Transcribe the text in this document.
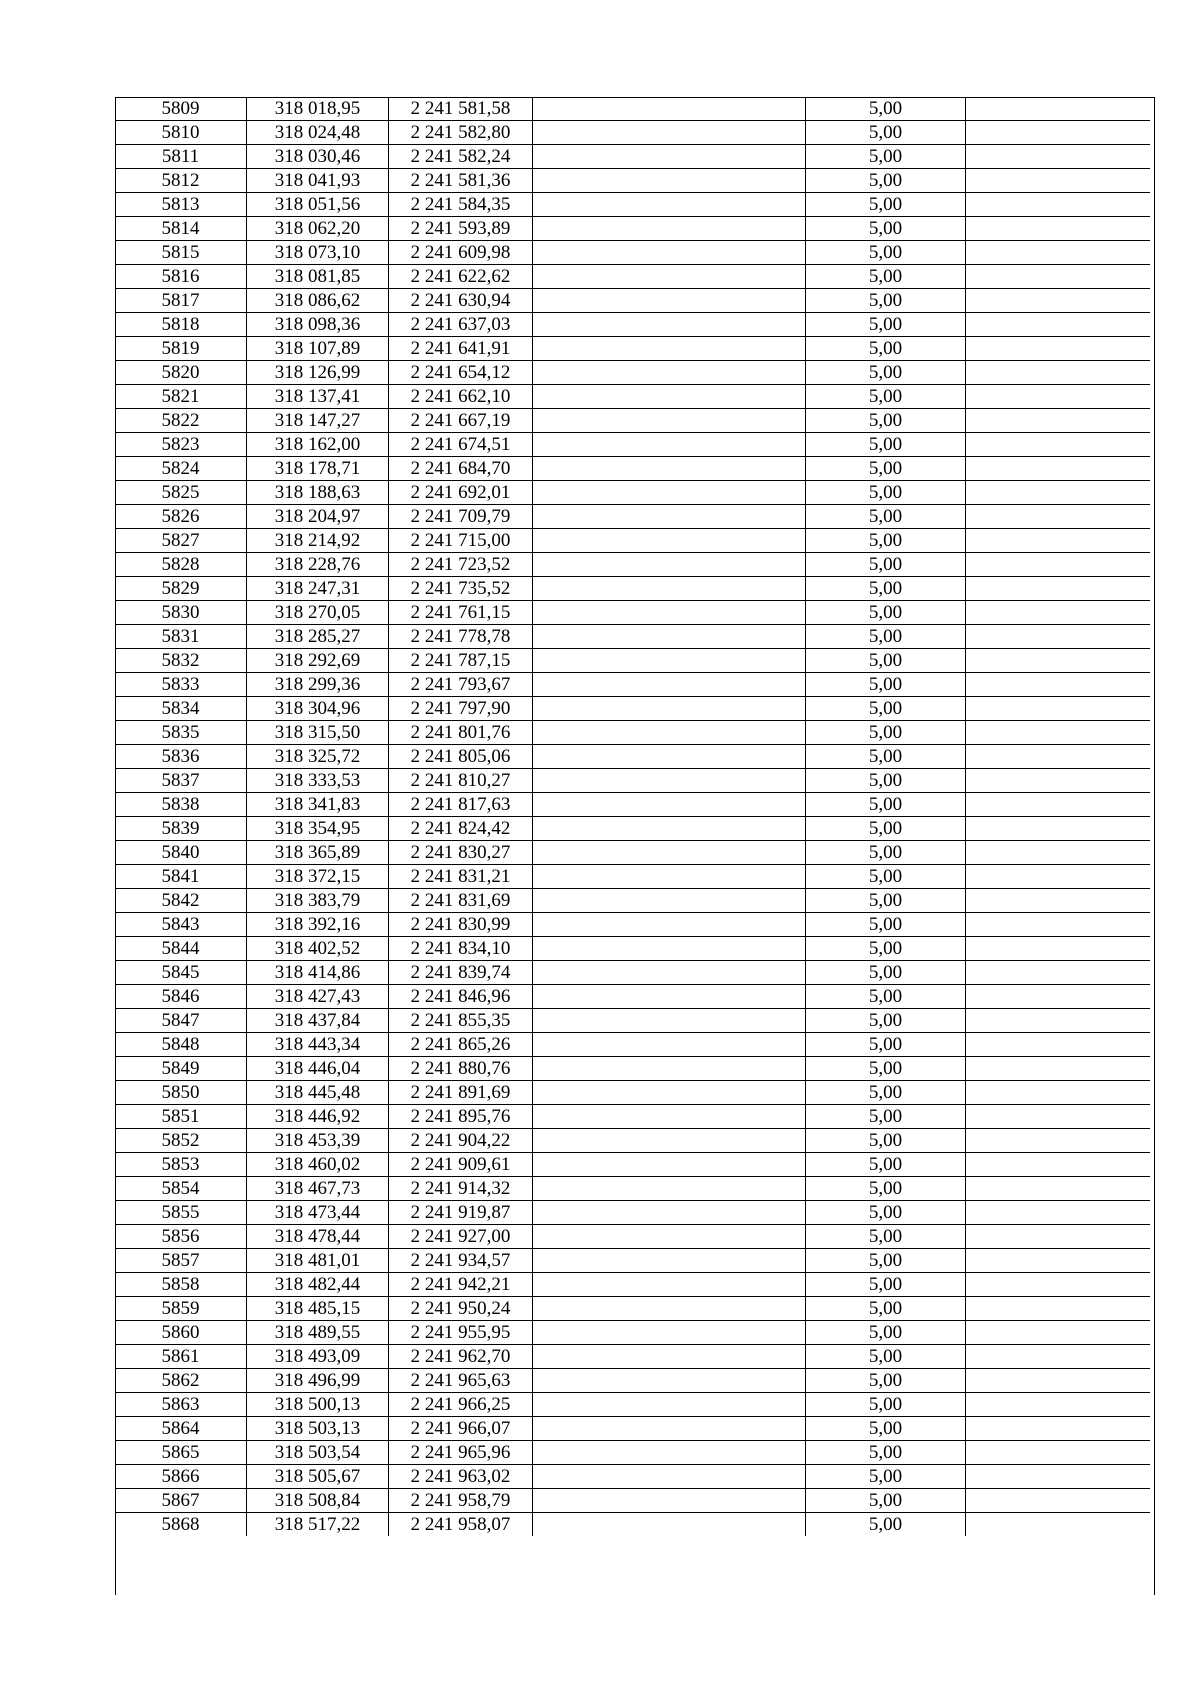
5809	318 018,95	2 241 581,58		5,00	
5810	318 024,48	2 241 582,80		5,00	
5811	318 030,46	2 241 582,24		5,00	
5812	318 041,93	2 241 581,36		5,00	
5813	318 051,56	2 241 584,35		5,00	
5814	318 062,20	2 241 593,89		5,00	
5815	318 073,10	2 241 609,98		5,00	
5816	318 081,85	2 241 622,62		5,00	
5817	318 086,62	2 241 630,94		5,00	
5818	318 098,36	2 241 637,03		5,00	
5819	318 107,89	2 241 641,91		5,00	
5820	318 126,99	2 241 654,12		5,00	
5821	318 137,41	2 241 662,10		5,00	
5822	318 147,27	2 241 667,19		5,00	
5823	318 162,00	2 241 674,51		5,00	
5824	318 178,71	2 241 684,70		5,00	
5825	318 188,63	2 241 692,01		5,00	
5826	318 204,97	2 241 709,79		5,00	
5827	318 214,92	2 241 715,00		5,00	
5828	318 228,76	2 241 723,52		5,00	
5829	318 247,31	2 241 735,52		5,00	
5830	318 270,05	2 241 761,15		5,00	
5831	318 285,27	2 241 778,78		5,00	
5832	318 292,69	2 241 787,15		5,00	
5833	318 299,36	2 241 793,67		5,00	
5834	318 304,96	2 241 797,90		5,00	
5835	318 315,50	2 241 801,76		5,00	
5836	318 325,72	2 241 805,06		5,00	
5837	318 333,53	2 241 810,27		5,00	
5838	318 341,83	2 241 817,63		5,00	
5839	318 354,95	2 241 824,42		5,00	
5840	318 365,89	2 241 830,27		5,00	
5841	318 372,15	2 241 831,21		5,00	
5842	318 383,79	2 241 831,69		5,00	
5843	318 392,16	2 241 830,99		5,00	
5844	318 402,52	2 241 834,10		5,00	
5845	318 414,86	2 241 839,74		5,00	
5846	318 427,43	2 241 846,96		5,00	
5847	318 437,84	2 241 855,35		5,00	
5848	318 443,34	2 241 865,26		5,00	
5849	318 446,04	2 241 880,76		5,00	
5850	318 445,48	2 241 891,69		5,00	
5851	318 446,92	2 241 895,76		5,00	
5852	318 453,39	2 241 904,22		5,00	
5853	318 460,02	2 241 909,61		5,00	
5854	318 467,73	2 241 914,32		5,00	
5855	318 473,44	2 241 919,87		5,00	
5856	318 478,44	2 241 927,00		5,00	
5857	318 481,01	2 241 934,57		5,00	
5858	318 482,44	2 241 942,21		5,00	
5859	318 485,15	2 241 950,24		5,00	
5860	318 489,55	2 241 955,95		5,00	
5861	318 493,09	2 241 962,70		5,00	
5862	318 496,99	2 241 965,63		5,00	
5863	318 500,13	2 241 966,25		5,00	
5864	318 503,13	2 241 966,07		5,00	
5865	318 503,54	2 241 965,96		5,00	
5866	318 505,67	2 241 963,02		5,00	
5867	318 508,84	2 241 958,79		5,00	
5868	318 517,22	2 241 958,07		5,00	
